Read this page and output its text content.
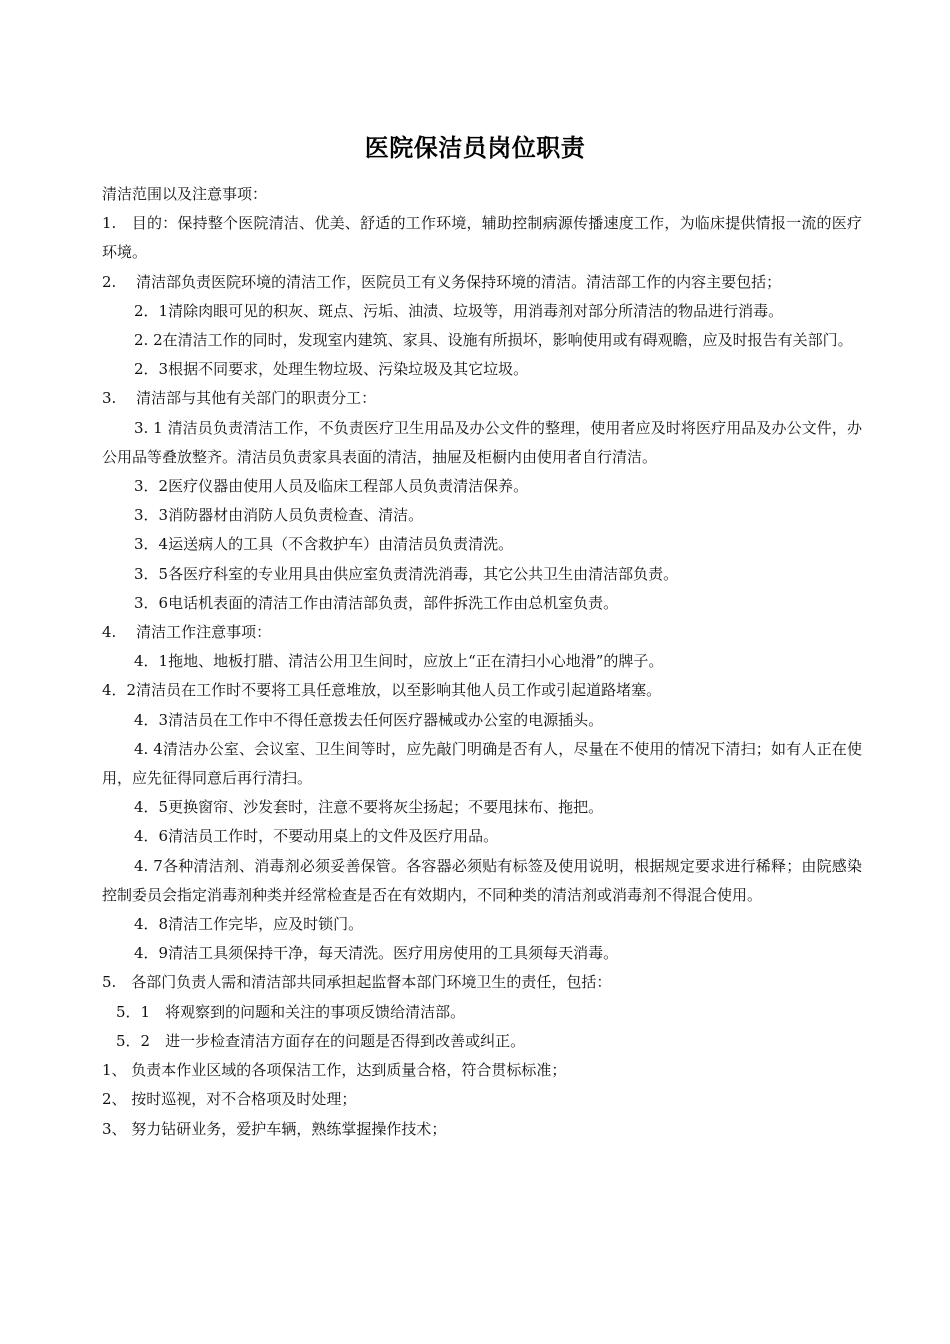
医院保洁员岗位职责

清洁范围以及注意事项：

1.　目的：保持整个医院清洁、优美、舒适的工作环境，辅助控制病源传播速度工作，为临床提供情报一流的医疗环境。

2.　 清洁部负责医院环境的清洁工作，医院员工有义务保持环境的清洁。清洁部工作的内容主要包括；

2．1清除肉眼可见的积灰、斑点、污垢、油渍、垃圾等，用消毒剂对部分所清洁的物品进行消毒。

2. 2在清洁工作的同时，发现室内建筑、家具、设施有所损坏，影响使用或有碍观瞻，应及时报告有关部门。

2．3根据不同要求，处理生物垃圾、污染垃圾及其它垃圾。

3.　 清洁部与其他有关部门的职责分工：

3. 1 清洁员负责清洁工作，不负责医疗卫生用品及办公文件的整理，使用者应及时将医疗用品及办公文件，办公用品等叠放整齐。清洁员负责家具表面的清洁，抽屉及柜橱内由使用者自行清洁。

3．2医疗仪器由使用人员及临床工程部人员负责清洁保养。

3．3消防器材由消防人员负责检查、清洁。

3．4运送病人的工具（不含救护车）由清洁员负责清洗。

3．5各医疗科室的专业用具由供应室负责清洗消毒，其它公共卫生由清洁部负责。

3．6电话机表面的清洁工作由清洁部负责，部件拆洗工作由总机室负责。

4.　 清洁工作注意事项：

4．1拖地、地板打腊、清洁公用卫生间时，应放上“正在清扫小心地滑”的牌子。

4．2清洁员在工作时不要将工具任意堆放，以至影响其他人员工作或引起道路堵塞。

4．3清洁员在工作中不得任意拨去任何医疗器械或办公室的电源插头。

4. 4清洁办公室、会议室、卫生间等时，应先敲门明确是否有人，尽量在不使用的情况下清扫；如有人正在使用，应先征得同意后再行清扫。

4．5更换窗帘、沙发套时，注意不要将灰尘扬起；不要甩抹布、拖把。

4．6清洁员工作时，不要动用桌上的文件及医疗用品。

4. 7各种清洁剂、消毒剂必须妥善保管。各容器必须贴有标签及使用说明，根据规定要求进行稀释；由院感染控制委员会指定消毒剂种类并经常检查是否在有效期内，不同种类的清洁剂或消毒剂不得混合使用。

4．8清洁工作完毕，应及时锁门。

4．9清洁工具须保持干净，每天清洗。医疗用房使用的工具须每天消毒。

5.　各部门负责人需和清洁部共同承担起监督本部门环境卫生的责任，包括：

5．1　将观察到的问题和关注的事项反馈给清洁部。

5．2　进一步检查清洁方面存在的问题是否得到改善或纠正。

1、 负责本作业区域的各项保洁工作，达到质量合格，符合贯标标准；

2、 按时巡视，对不合格项及时处理；

3、 努力钻研业务，爱护车辆，熟练掌握操作技术；
